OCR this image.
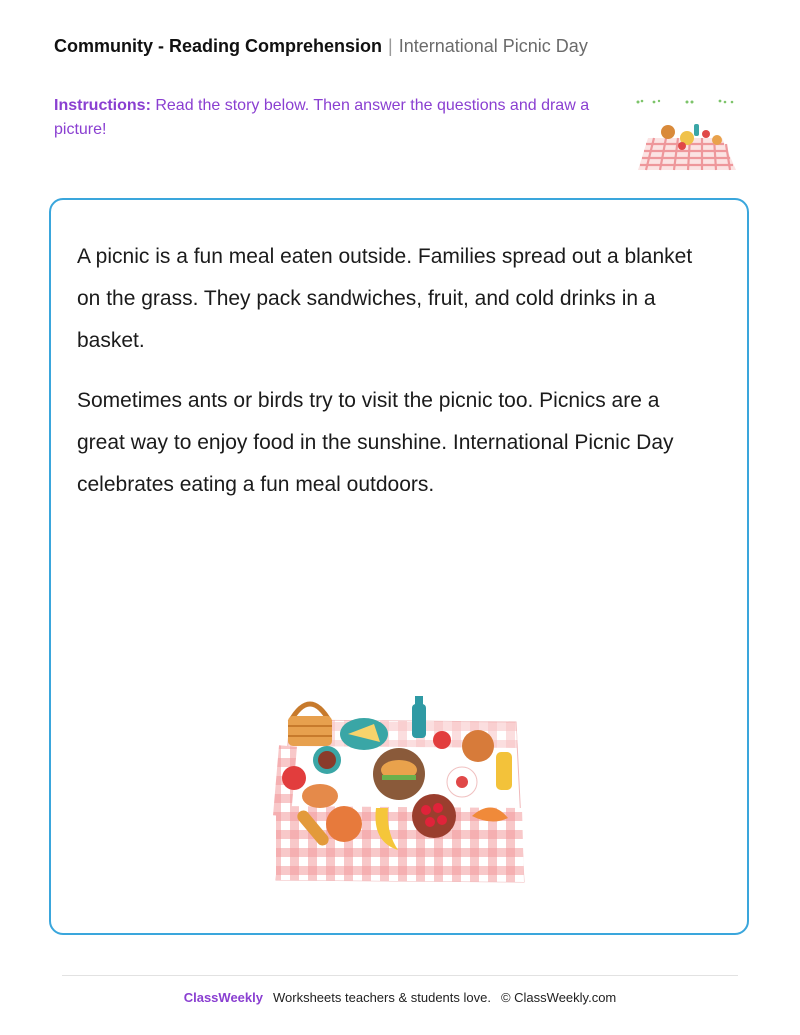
Community - Reading Comprehension | International Picnic Day
Instructions: Read the story below. Then answer the questions and draw a picture!

A picnic is a fun meal eaten outside. Families spread out a blanket on the grass. They pack sandwiches, fruit, and cold drinks in a basket.

Sometimes ants or birds try to visit the picnic too. Picnics are a great way to enjoy food in the sunshine. International Picnic Day celebrates eating a fun meal outdoors.

ClassWeekly Worksheets teachers & students love. © ClassWeekly.com
